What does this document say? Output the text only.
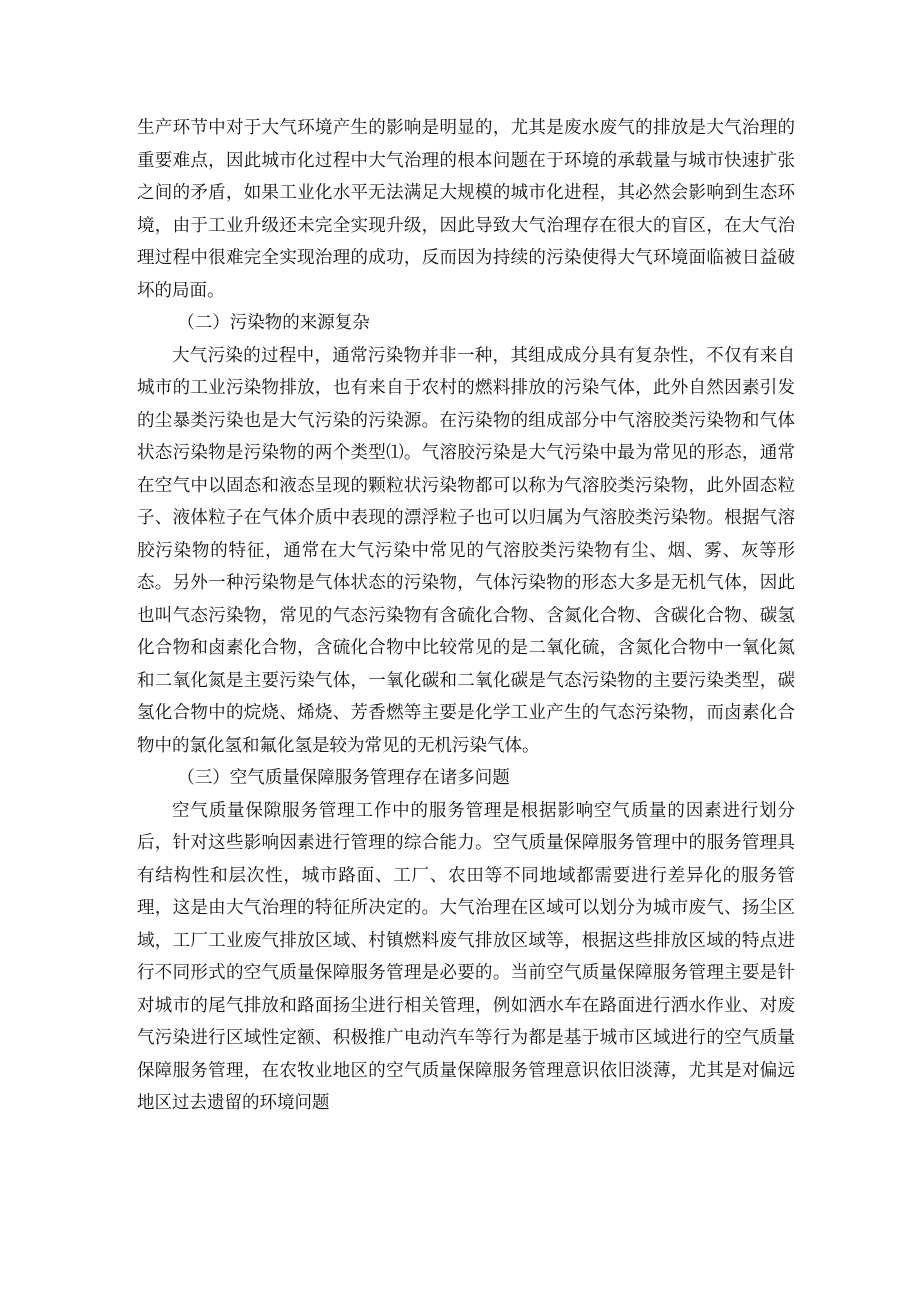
生产环节中对于大气环境产生的影响是明显的，尤其是废水废气的排放是大气治理的重要难点，因此城市化过程中大气治理的根本问题在于环境的承载量与城市快速扩张之间的矛盾，如果工业化水平无法满足大规模的城市化进程，其必然会影响到生态环境，由于工业升级还未完全实现升级，因此导致大气治理存在很大的盲区，在大气治理过程中很难完全实现治理的成功，反而因为持续的污染使得大气环境面临被日益破坏的局面。

（二）污染物的来源复杂

大气污染的过程中，通常污染物并非一种，其组成成分具有复杂性，不仅有来自城市的工业污染物排放，也有来自于农村的燃料排放的污染气体，此外自然因素引发的尘暴类污染也是大气污染的污染源。在污染物的组成部分中气溶胶类污染物和气体状态污染物是污染物的两个类型⑴。气溶胶污染是大气污染中最为常见的形态，通常在空气中以固态和液态呈现的颗粒状污染物都可以称为气溶胶类污染物，此外固态粒子、液体粒子在气体介质中表现的漂浮粒子也可以归属为气溶胶类污染物。根据气溶胶污染物的特征，通常在大气污染中常见的气溶胶类污染物有尘、烟、雾、灰等形态。另外一种污染物是气体状态的污染物，气体污染物的形态大多是无机气体，因此也叫气态污染物，常见的气态污染物有含硫化合物、含氮化合物、含碳化合物、碳氢化合物和卤素化合物，含硫化合物中比较常见的是二氧化硫，含氮化合物中一氧化氮和二氧化氮是主要污染气体，一氧化碳和二氧化碳是气态污染物的主要污染类型，碳氢化合物中的烷烧、烯烧、芳香燃等主要是化学工业产生的气态污染物，而卤素化合物中的氯化氢和氟化氢是较为常见的无机污染气体。

（三）空气质量保障服务管理存在诸多问题

空气质量保隙服务管理工作中的服务管理是根据影响空气质量的因素进行划分后，针对这些影响因素进行管理的综合能力。空气质量保障服务管理中的服务管理具有结构性和层次性，城市路面、工厂、农田等不同地域都需要进行差异化的服务管理，这是由大气治理的特征所决定的。大气治理在区域可以划分为城市废气、扬尘区域，工厂工业废气排放区域、村镇燃料废气排放区域等，根据这些排放区域的特点进行不同形式的空气质量保障服务管理是必要的。当前空气质量保障服务管理主要是针对城市的尾气排放和路面扬尘进行相关管理，例如洒水车在路面进行洒水作业、对废气污染进行区域性定额、积极推广电动汽车等行为都是基于城市区域进行的空气质量保障服务管理，在农牧业地区的空气质量保障服务管理意识依旧淡薄，尤其是对偏远地区过去遗留的环境问题
